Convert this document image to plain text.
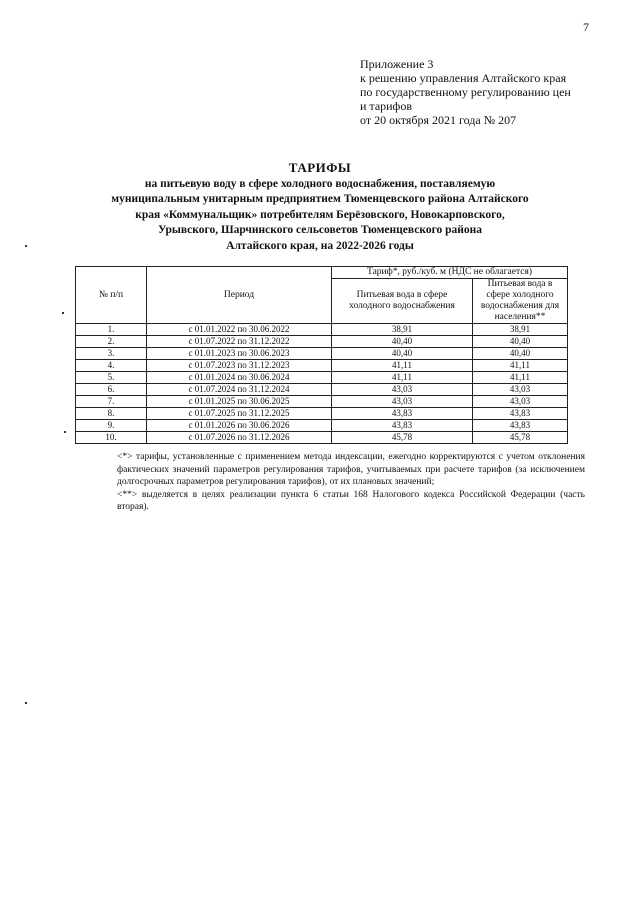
7
Приложение 3
к решению управления Алтайского края
по государственному регулированию цен
и тарифов
от 20 октября 2021 года № 207
ТАРИФЫ
на питьевую воду в сфере холодного водоснабжения, поставляемую
муниципальным унитарным предприятием Тюменцевского района Алтайского
края «Коммунальщик» потребителям Берёзовского, Новокарповского,
Урывского, Шарчинского сельсоветов Тюменцевского района
Алтайского края, на 2022-2026 годы
№ п/п	Период	Тариф*, руб./куб. м (НДС не облагается)	
		Питьевая вода в сфере холодного водоснабжения	Питьевая вода в сфере холодного водоснабжения для населения**
1.	с 01.01.2022 по 30.06.2022	38,91	38,91
2.	с 01.07.2022 по 31.12.2022	40,40	40,40
3.	с 01.01.2023 по 30.06.2023	40,40	40,40
4.	с 01.07.2023 по 31.12.2023	41,11	41,11
5.	с 01.01.2024 по 30.06.2024	41,11	41,11
6.	с 01.07.2024 по 31.12.2024	43,03	43,03
7.	с 01.01.2025 по 30.06.2025	43,03	43,03
8.	с 01.07.2025 по 31.12.2025	43,83	43,83
9.	с 01.01.2026 по 30.06.2026	43,83	43,83
10.	с 01.07.2026 по 31.12.2026	45,78	45,78

<*> тарифы, установленные с применением метода индексации, ежегодно корректируются с учетом отклонения фактических значений параметров регулирования тарифов, учитываемых при расчете тарифов (за исключением долгосрочных параметров регулирования тарифов), от их плановых значений;

<**> выделяется в целях реализации пункта 6 статьи 168 Налогового кодекса Российской Федерации (часть вторая).
